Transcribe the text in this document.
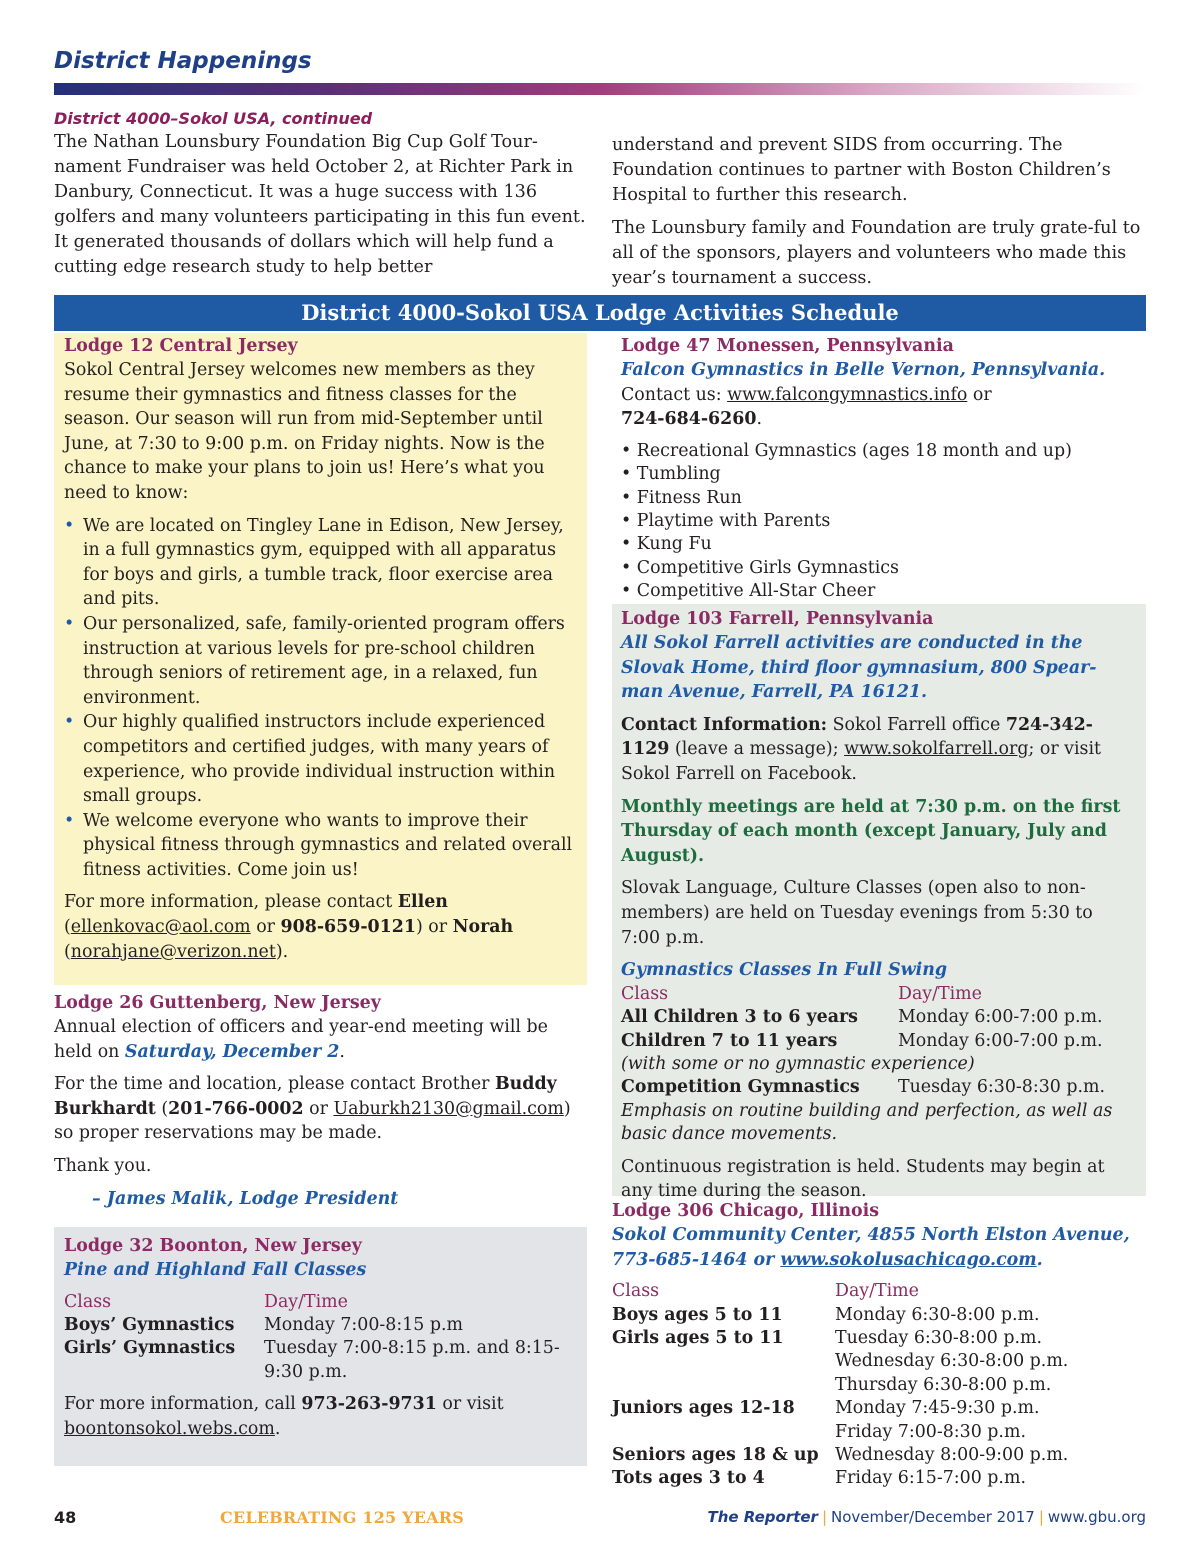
District Happenings
District 4000–Sokol USA, continued

The Nathan Lounsbury Foundation Big Cup Golf Tour-nament Fundraiser was held October 2, at Richter Park in Danbury, Connecticut. It was a huge success with 136 golfers and many volunteers participating in this fun event. It generated thousands of dollars which will help fund a cutting edge research study to help better

understand and prevent SIDS from occurring. The Foundation continues to partner with Boston Children’s Hospital to further this research.

The Lounsbury family and Foundation are truly grate-ful to all of the sponsors, players and volunteers who made this year’s tournament a success.

District 4000-Sokol USA Lodge Activities Schedule
Lodge 12 Central Jersey

Sokol Central Jersey welcomes new members as they resume their gymnastics and fitness classes for the season. Our season will run from mid-September until June, at 7:30 to 9:00 p.m. on Friday nights. Now is the chance to make your plans to join us! Here’s what you need to know:

• We are located on Tingley Lane in Edison, New Jersey, in a full gymnastics gym, equipped with all apparatus for boys and girls, a tumble track, floor exercise area and pits.
• Our personalized, safe, family-oriented program offers instruction at various levels for pre-school children through seniors of retirement age, in a relaxed, fun environment.
• Our highly qualified instructors include experienced competitors and certified judges, with many years of experience, who provide individual instruction within small groups.
• We welcome everyone who wants to improve their physical fitness through gymnastics and related overall fitness activities. Come join us!

For more information, please contact Ellen (ellenkovac@aol.com or 908-659-0121) or Norah (norahjane@verizon.net).

Lodge 26 Guttenberg, New Jersey

Annual election of officers and year-end meeting will be held on Saturday, December 2.

For the time and location, please contact Brother Buddy Burkhardt (201-766-0002 or Uaburkh2130@gmail.com) so proper reservations may be made.

Thank you.

– James Malik, Lodge President

Lodge 32 Boonton, New Jersey
Pine and Highland Fall Classes
Class	Day/Time
Boys’ Gymnastics	Monday 7:00-8:15 p.m
Girls’ Gymnastics	Tuesday 7:00-8:15 p.m. and 8:15-9:30 p.m.

For more information, call 973-263-9731 or visit boontonsokol.webs.com.

Lodge 47 Monessen, Pennsylvania
Falcon Gymnastics in Belle Vernon, Pennsylvania.

Contact us: www.falcongymnastics.info or
724-684-6260.

• Recreational Gymnastics (ages 18 month and up)
• Tumbling
• Fitness Run
• Playtime with Parents
• Kung Fu
• Competitive Girls Gymnastics
• Competitive All-Star Cheer
Lodge 103 Farrell, Pennsylvania

All Sokol Farrell activities are conducted in the Slovak Home, third floor gymnasium, 800 Spear-man Avenue, Farrell, PA 16121.

Contact Information: Sokol Farrell office 724-342-1129 (leave a message); www.sokolfarrell.org; or visit Sokol Farrell on Facebook.

Monthly meetings are held at 7:30 p.m. on the first Thursday of each month (except January, July and August).

Slovak Language, Culture Classes (open also to non-members) are held on Tuesday evenings from 5:30 to 7:00 p.m.

Gymnastics Classes In Full Swing
Class	Day/Time
All Children 3 to 6 years	Monday 6:00-7:00 p.m.
Children 7 to 11 years	Monday 6:00-7:00 p.m.
(with some or no gymnastic experience)
Competition Gymnastics	Tuesday 6:30-8:30 p.m.
Emphasis on routine building and perfection, as well as basic dance movements.

Continuous registration is held. Students may begin at any time during the season.

Lodge 306 Chicago, Illinois

Sokol Community Center, 4855 North Elston Avenue, 773-685-1464 or www.sokolusachicago.com.

Class	Day/Time
Boys ages 5 to 11	Monday 6:30-8:00 p.m.
Girls ages 5 to 11	Tuesday 6:30-8:00 p.m.
Wednesday 6:30-8:00 p.m.
Thursday 6:30-8:00 p.m.
Juniors ages 12-18	Monday 7:45-9:30 p.m.
Friday 7:00-8:30 p.m.
Seniors ages 18 & up Wednesday 8:00-9:00 p.m.
Tots ages 3 to 4	Friday 6:15-7:00 p.m.
48	CELEBRATING 125 YEARS	The Reporter | November/December 2017 | www.gbu.org
